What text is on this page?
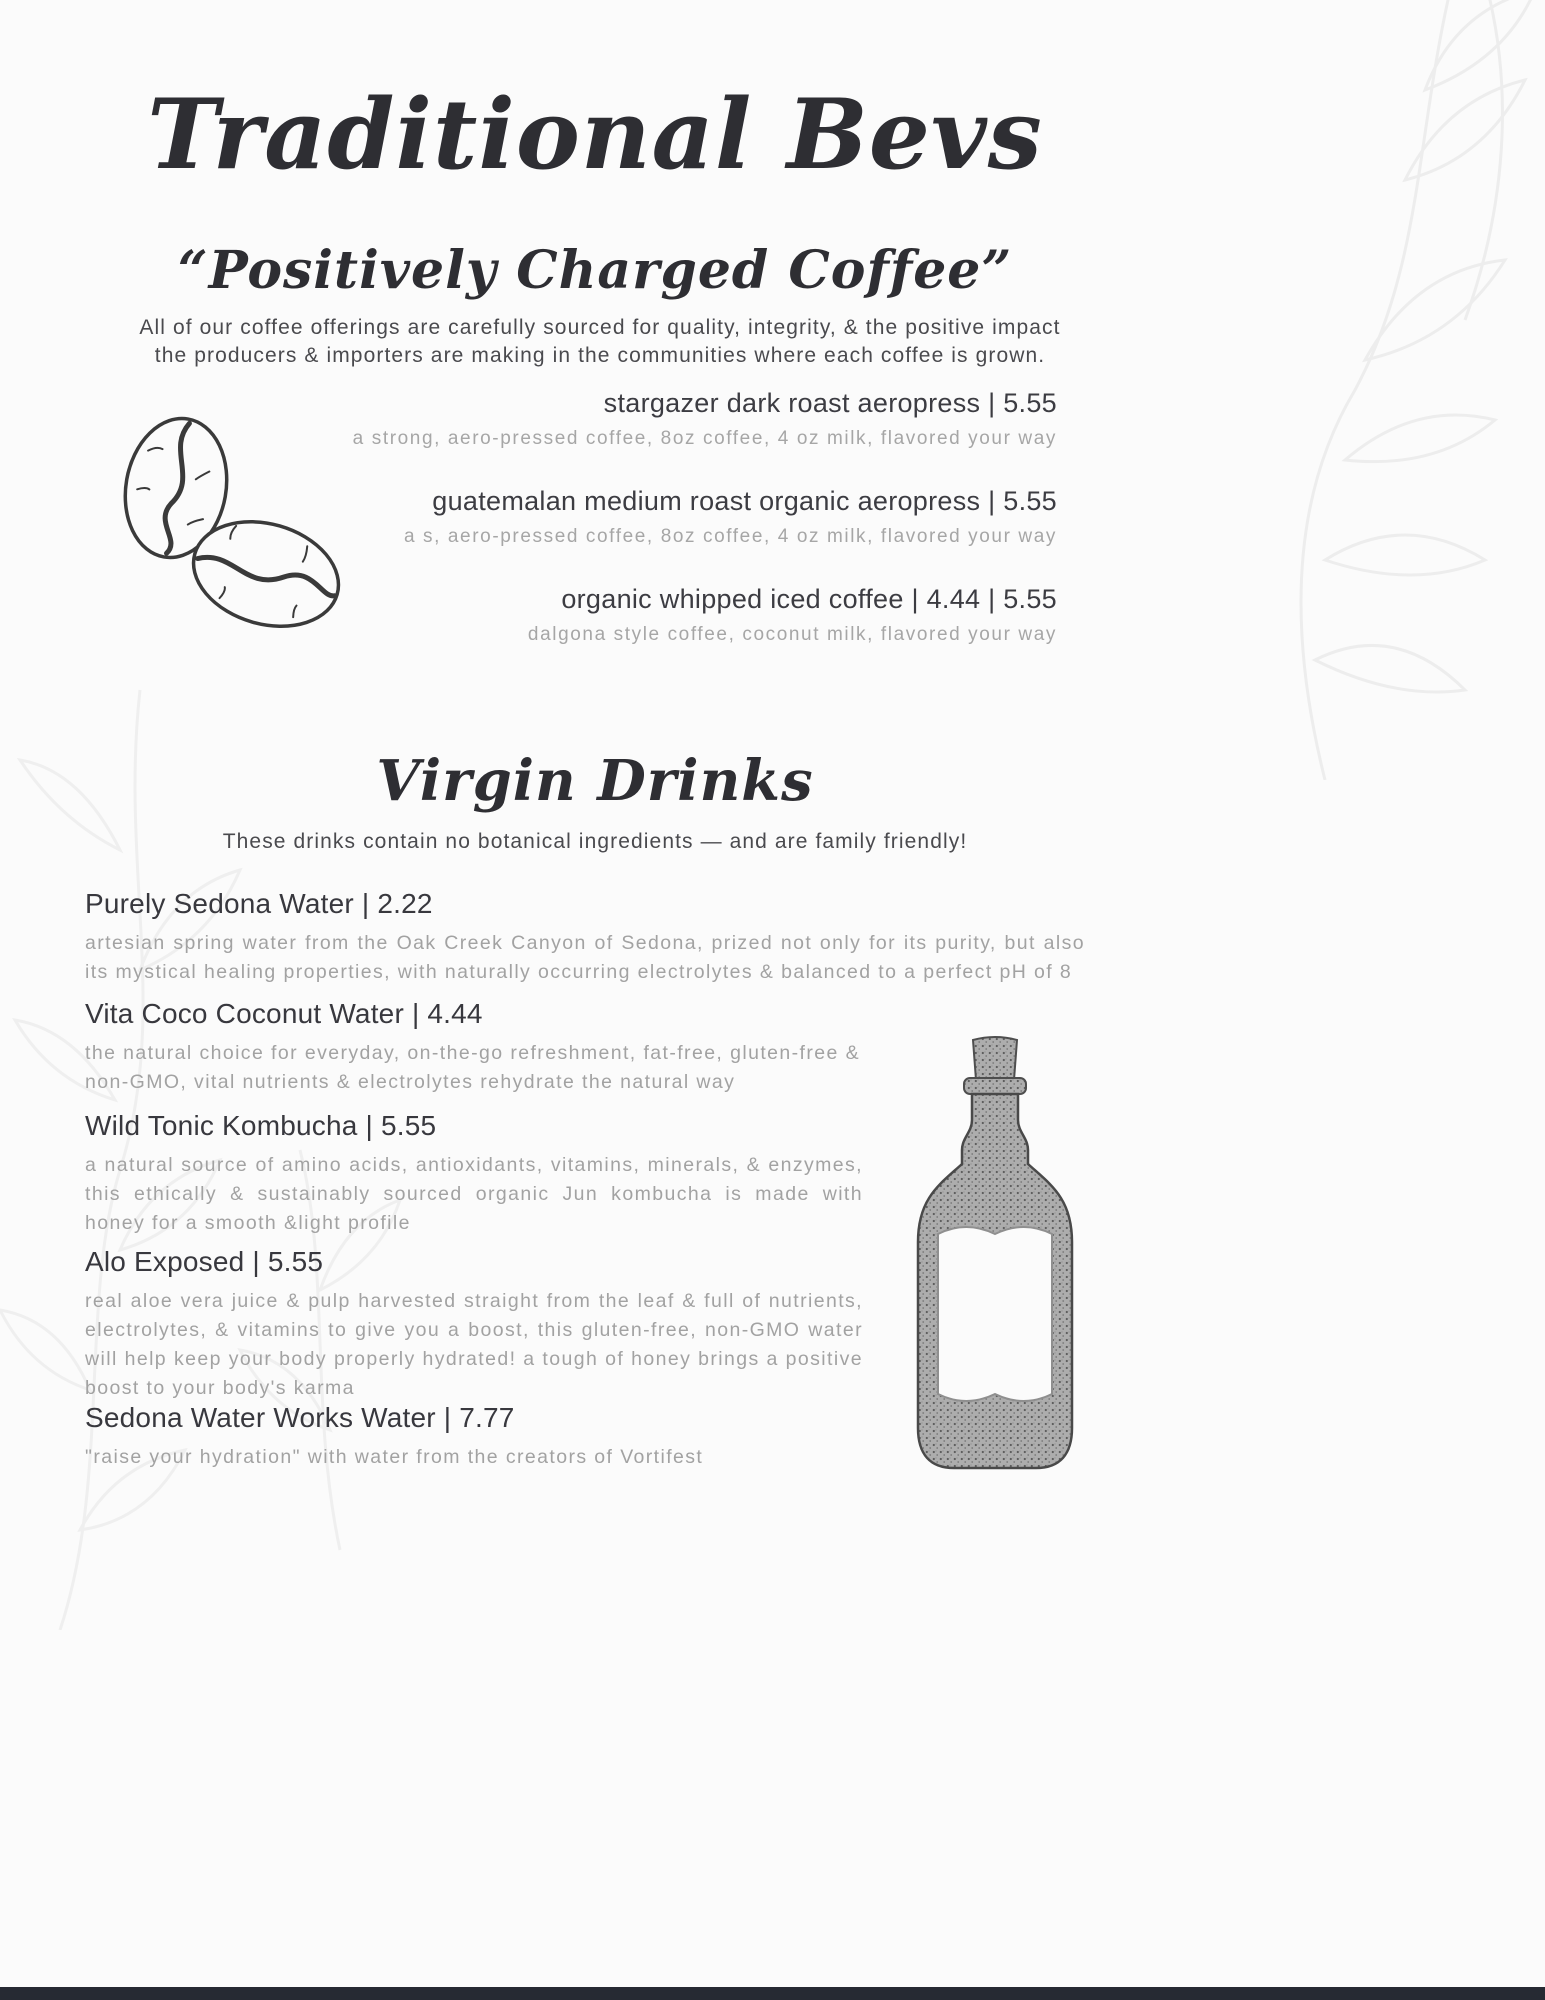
Traditional Bevs
“Positively Charged Coffee”
All of our coffee offerings are carefully sourced for quality, integrity, & the positive impact the producers & importers are making in the communities where each coffee is grown.
stargazer dark roast aeropress | 5.55
a strong, aero-pressed coffee, 8oz coffee, 4 oz milk, flavored your way
guatemalan medium roast organic aeropress | 5.55
a s, aero-pressed coffee, 8oz coffee, 4 oz milk, flavored your way
organic whipped iced coffee | 4.44 | 5.55
dalgona style coffee, coconut milk, flavored your way
Virgin Drinks
These drinks contain no botanical ingredients — and are family friendly!
Purely Sedona Water | 2.22
artesian spring water from the Oak Creek Canyon of Sedona, prized not only for its purity, but also its mystical healing properties, with naturally occurring electrolytes & balanced to a perfect pH of 8
Vita Coco Coconut Water | 4.44
the natural choice for everyday, on-the-go refreshment, fat-free, gluten-free & non-GMO, vital nutrients & electrolytes rehydrate the natural way
Wild Tonic Kombucha | 5.55
a natural source of amino acids, antioxidants, vitamins, minerals, & enzymes, this ethically & sustainably sourced organic Jun kombucha is made with honey for a smooth &light profile
Alo Exposed | 5.55
real aloe vera juice & pulp harvested straight from the leaf & full of nutrients, electrolytes, & vitamins to give you a boost, this gluten-free, non-GMO water will help keep your body properly hydrated! a tough of honey brings a positive boost to your body's karma
Sedona Water Works Water | 7.77
"raise your hydration" with water from the creators of Vortifest
